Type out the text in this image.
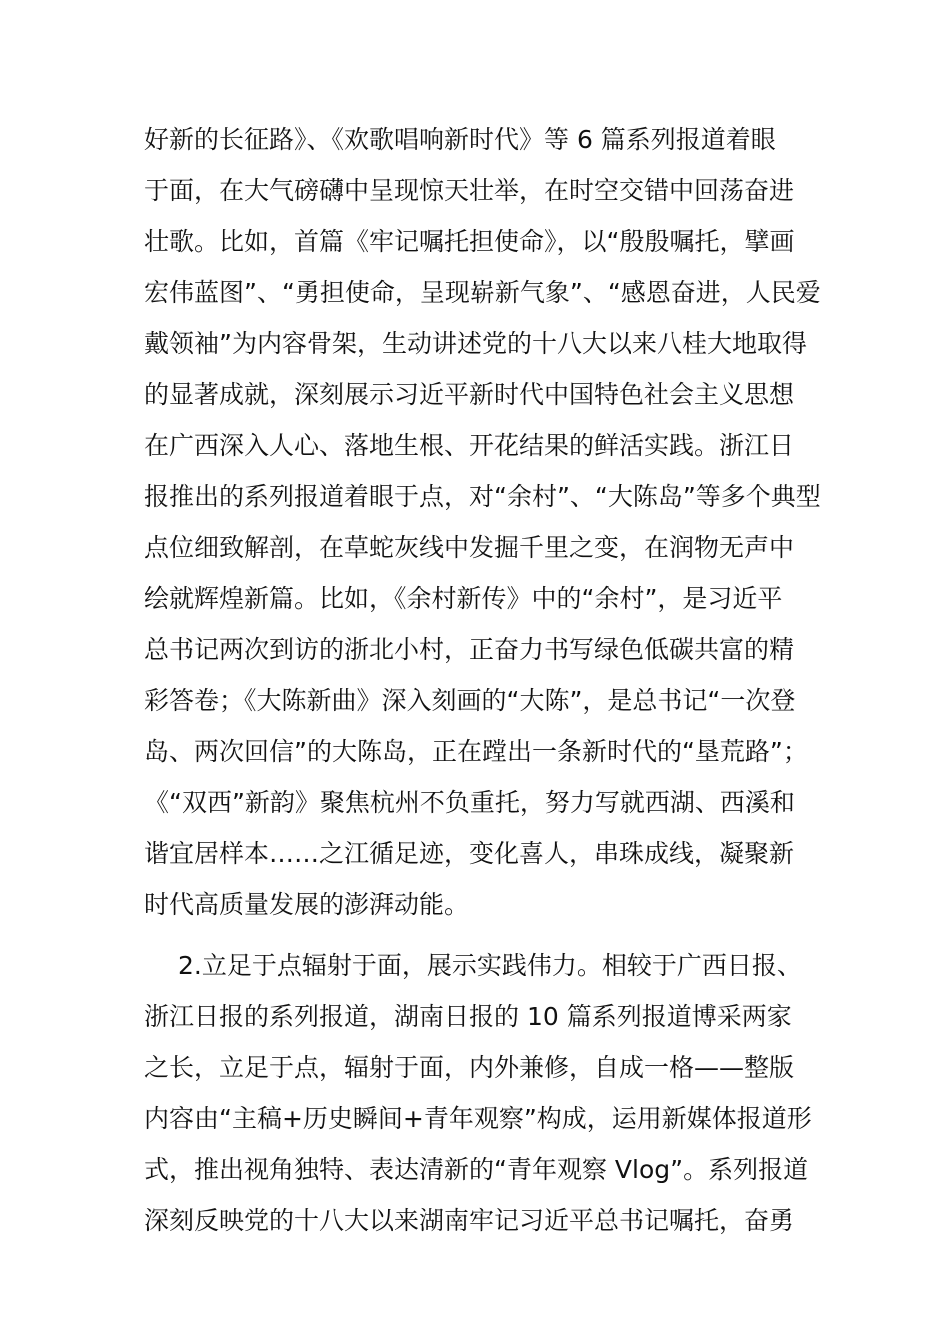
好新的长征路》、《欢歌唱响新时代》等 6 篇系列报道着眼
于面，在大气磅礴中呈现惊天壮举，在时空交错中回荡奋进
壮歌。比如，首篇《牢记嘱托担使命》，以“殷殷嘱托，擘画
宏伟蓝图”、“勇担使命，呈现崭新气象”、“感恩奋进，人民爱
戴领袖”为内容骨架，生动讲述党的十八大以来八桂大地取得
的显著成就，深刻展示习近平新时代中国特色社会主义思想
在广西深入人心、落地生根、开花结果的鲜活实践。浙江日
报推出的系列报道着眼于点，对“余村”、“大陈岛”等多个典型
点位细致解剖，在草蛇灰线中发掘千里之变，在润物无声中
绘就辉煌新篇。比如，《余村新传》中的“余村”，是习近平
总书记两次到访的浙北小村，正奋力书写绿色低碳共富的精
彩答卷；《大陈新曲》深入刻画的“大陈”，是总书记“一次登
岛、两次回信”的大陈岛，正在蹚出一条新时代的“垦荒路”；
《“双西”新韵》聚焦杭州不负重托，努力写就西湖、西溪和
谐宜居样本……之江循足迹，变化喜人，串珠成线，凝聚新
时代高质量发展的澎湃动能。
2.立足于点辐射于面，展示实践伟力。相较于广西日报、
浙江日报的系列报道，湖南日报的 10 篇系列报道博采两家
之长，立足于点，辐射于面，内外兼修，自成一格——整版
内容由“主稿+历史瞬间+青年观察”构成，运用新媒体报道形
式，推出视角独特、表达清新的“青年观察 Vlog”。系列报道
深刻反映党的十八大以来湖南牢记习近平总书记嘱托，奋勇
